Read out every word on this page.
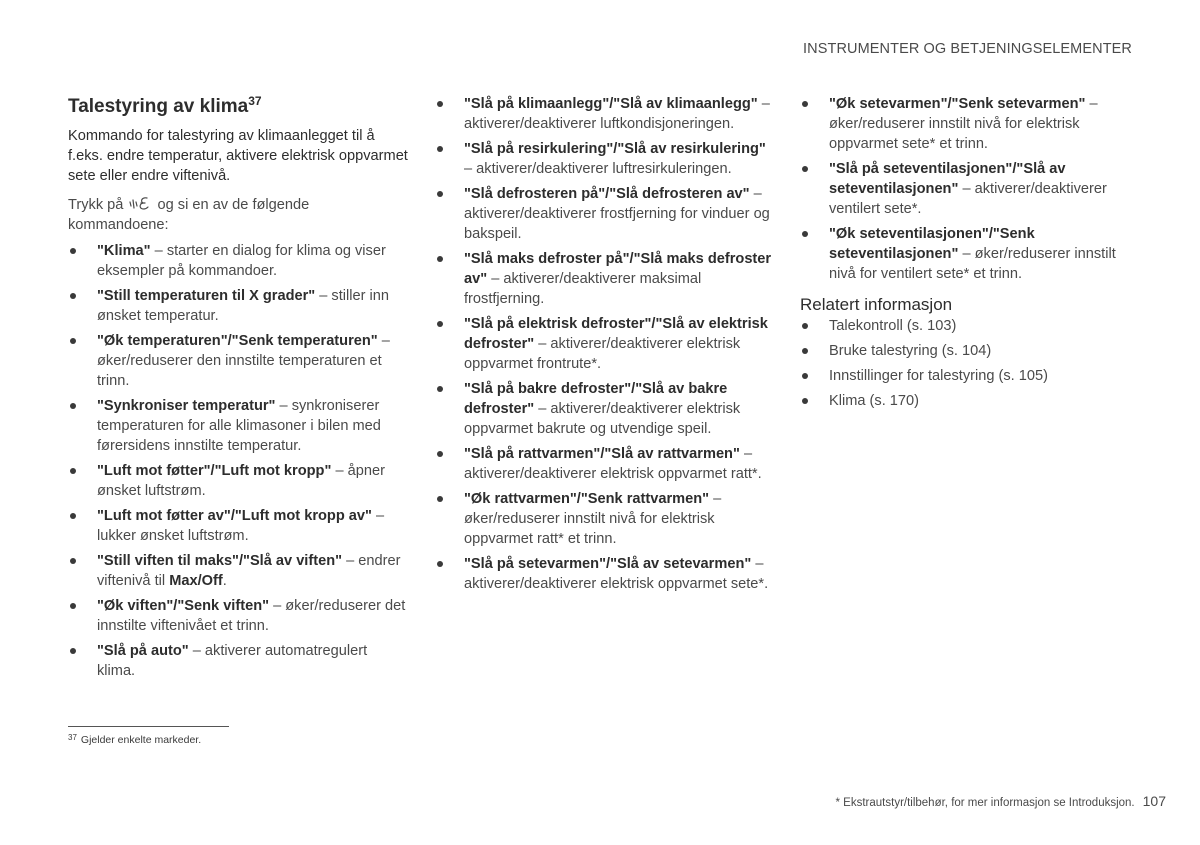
INSTRUMENTER OG BETJENINGSELEMENTER
Talestyring av klima$^{37}$

Kommando for talestyring av klimaanlegget til å f.eks. endre temperatur, aktivere elektrisk oppvarmet sete eller endre viftenivå.

Trykk på  og si en av de følgende kommandoene:

"Klima" – starter en dialog for klima og viser eksempler på kommandoer.
"Still temperaturen til X grader" – stiller inn ønsket temperatur.
"Øk temperaturen"/"Senk temperaturen" – øker/reduserer den innstilte temperaturen et trinn.
"Synkroniser temperatur" – synkroniserer temperaturen for alle klimasoner i bilen med førersidens innstilte temperatur.
"Luft mot føtter"/"Luft mot kropp" – åpner ønsket luftstrøm.
"Luft mot føtter av"/"Luft mot kropp av" – lukker ønsket luftstrøm.
"Still viften til maks"/"Slå av viften" – endrer viftenivå til Max/Off.
"Øk viften"/"Senk viften" – øker/reduserer det innstilte viftenivået et trinn.
"Slå på auto" – aktiverer automatregulert klima.
"Slå på klimaanlegg"/"Slå av klimaanlegg" – aktiverer/deaktiverer luftkondisjoneringen.
"Slå på resirkulering"/"Slå av resirkulering" – aktiverer/deaktiverer luftresirkuleringen.
"Slå defrosteren på"/"Slå defrosteren av" – aktiverer/deaktiverer frostfjerning for vinduer og bakspeil.
"Slå maks defroster på"/"Slå maks defroster av" – aktiverer/deaktiverer maksimal frostfjerning.
"Slå på elektrisk defroster"/"Slå av elektrisk defroster" – aktiverer/deaktiverer elektrisk oppvarmet frontrute*.
"Slå på bakre defroster"/"Slå av bakre defroster" – aktiverer/deaktiverer elektrisk oppvarmet bakrute og utvendige speil.
"Slå på rattvarmen"/"Slå av rattvarmen" – aktiverer/deaktiverer elektrisk oppvarmet ratt*.
"Øk rattvarmen"/"Senk rattvarmen" – øker/reduserer innstilt nivå for elektrisk oppvarmet ratt* et trinn.
"Slå på setevarmen"/"Slå av setevarmen" – aktiverer/deaktiverer elektrisk oppvarmet sete*.
"Øk setevarmen"/"Senk setevarmen" – øker/reduserer innstilt nivå for elektrisk oppvarmet sete* et trinn.
"Slå på seteventilasjonen"/"Slå av seteventilasjonen" – aktiverer/deaktiverer ventilert sete*.
"Øk seteventilasjonen"/"Senk seteventilasjonen" – øker/reduserer innstilt nivå for ventilert sete* et trinn.
Relatert informasjon
Talekontroll (s. 103)
Bruke talestyring (s. 104)
Innstillinger for talestyring (s. 105)
Klima (s. 170)
$^{37}$ Gjelder enkelte markeder.
* Ekstrautstyr/tilbehør, for mer informasjon se Introduksjon. 107
